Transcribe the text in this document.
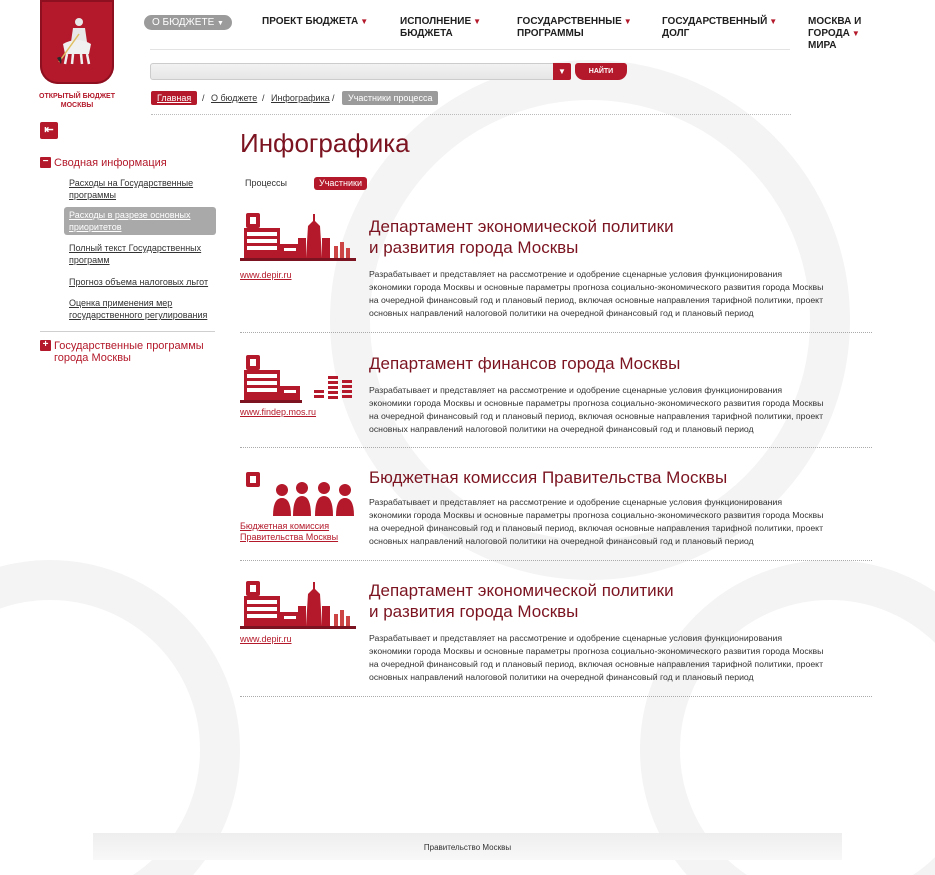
ОТКРЫТЫЙ БЮДЖЕТ
МОСКВЫ
О БЮДЖЕТЕ ▼	ПРОЕКТ БЮДЖЕТА ▼	ИСПОЛНЕНИЕ ▼
БЮДЖЕТА
ГОСУДАРСТВЕННЫЕ ▼
ПРОГРАММЫ
ГОСУДАРСТВЕННЫЙ ▼
ДОЛГ
МОСКВА И ГОРОДА ▼
МИРА
▼	НАЙТИ
Главная	/ О бюджете / Инфографика /	Участники процесса
⇤
− Сводная информация
Расходы на Государственные
программы
Расходы в разрезе основных
приоритетов
Полный текст Государственных
программ
Прогноз объема налоговых льгот
Оценка применения мер
государственного регулирования
+ Государственные программы
города Москвы
Инфографика
Процессы	Участники
www.depir.ru
Департамент экономической политики
и развития города Москвы
Разрабатывает и представляет на рассмотрение и одобрение сценарные условия функционирования
экономики города Москвы и основные параметры прогноза социально-экономического развития города Москвы
на очередной финансовый год и плановый период, включая основные направления тарифной политики, проект
основных направлений налоговой политики на очередной финансовый год и плановый период
www.findep.mos.ru
Департамент финансов города Москвы
Разрабатывает и представляет на рассмотрение и одобрение сценарные условия функционирования
экономики города Москвы и основные параметры прогноза социально-экономического развития города Москвы
на очередной финансовый год и плановый период, включая основные направления тарифной политики, проект
основных направлений налоговой политики на очередной финансовый год и плановый период
Бюджетная комиссия
Правительства Москвы
Бюджетная комиссия Правительства Москвы
Разрабатывает и представляет на рассмотрение и одобрение сценарные условия функционирования
экономики города Москвы и основные параметры прогноза социально-экономического развития города Москвы
на очередной финансовый год и плановый период, включая основные направления тарифной политики, проект
основных направлений налоговой политики на очередной финансовый год и плановый период
www.depir.ru
Департамент экономической политики
и развития города Москвы
Разрабатывает и представляет на рассмотрение и одобрение сценарные условия функционирования
экономики города Москвы и основные параметры прогноза социально-экономического развития города Москвы
на очередной финансовый год и плановый период, включая основные направления тарифной политики, проект
основных направлений налоговой политики на очередной финансовый год и плановый период
Правительство Москвы
